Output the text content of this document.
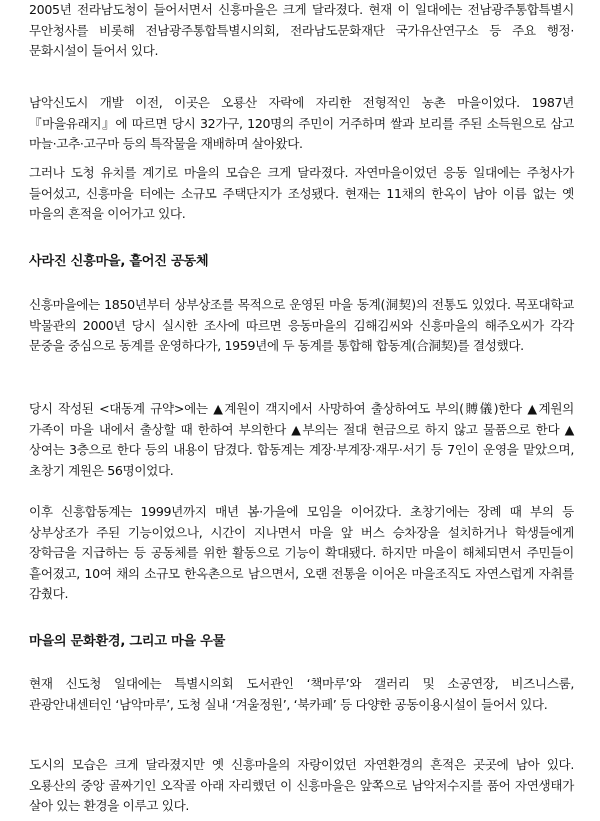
2005년 전라남도청이 들어서면서 신흥마을은 크게 달라졌다. 현재 이 일대에는 전남광주통합특별시 무안청사를 비롯해 전남광주통합특별시의회, 전라남도문화재단 국가유산연구소 등 주요 행정·문화시설이 들어서 있다.

남악신도시 개발 이전, 이곳은 오룡산 자락에 자리한 전형적인 농촌 마을이었다. 1987년 『마을유래지』에 따르면 당시 32가구, 120명의 주민이 거주하며 쌀과 보리를 주된 소득원으로 삼고 마늘·고추·고구마 등의 특작물을 재배하며 살아왔다.

그러나 도청 유치를 계기로 마을의 모습은 크게 달라졌다. 자연마을이었던 응동 일대에는 주청사가 들어섰고, 신흥마을 터에는 소규모 주택단지가 조성됐다. 현재는 11채의 한옥이 남아 이름 없는 옛 마을의 흔적을 이어가고 있다.

사라진 신흥마을, 흩어진 공동체

신흥마을에는 1850년부터 상부상조를 목적으로 운영된 마을 동계(洞契)의 전통도 있었다. 목포대학교 박물관의 2000년 당시 실시한 조사에 따르면 응동마을의 김해김씨와 신흥마을의 해주오씨가 각각 문중을 중심으로 동계를 운영하다가, 1959년에 두 동계를 통합해 합동계(合洞契)를 결성했다.

당시 작성된 <대동계 규약>에는 ▲계원이 객지에서 사망하여 출상하여도 부의(賻儀)한다 ▲계원의 가족이 마을 내에서 출상할 때 한하여 부의한다 ▲부의는 절대 현금으로 하지 않고 물품으로 한다 ▲상여는 3층으로 한다 등의 내용이 담겼다. 합동계는 계장·부계장·재무·서기 등 7인이 운영을 맡았으며, 초창기 계원은 56명이었다.

이후 신흥합동계는 1999년까지 매년 봄·가을에 모임을 이어갔다. 초창기에는 장례 때 부의 등 상부상조가 주된 기능이었으나, 시간이 지나면서 마을 앞 버스 승차장을 설치하거나 학생들에게 장학금을 지급하는 등 공동체를 위한 활동으로 기능이 확대됐다. 하지만 마을이 해체되면서 주민들이 흩어졌고, 10여 채의 소규모 한옥촌으로 남으면서, 오랜 전통을 이어온 마을조직도 자연스럽게 자취를 감췄다.

마을의 문화환경, 그리고 마을 우물

현재 신도청 일대에는 특별시의회 도서관인 ‘책마루’와 갤러리 및 소공연장, 비즈니스룸, 관광안내센터인 ‘남악마루’, 도청 실내 ‘겨울정원’, ‘북카페’ 등 다양한 공동이용시설이 들어서 있다.

도시의 모습은 크게 달라졌지만 옛 신흥마을의 자랑이었던 자연환경의 흔적은 곳곳에 남아 있다. 오룡산의 중앙 골짜기인 오작골 아래 자리했던 이 신흥마을은 앞쪽으로 남악저수지를 품어 자연생태가 살아 있는 환경을 이루고 있다.
